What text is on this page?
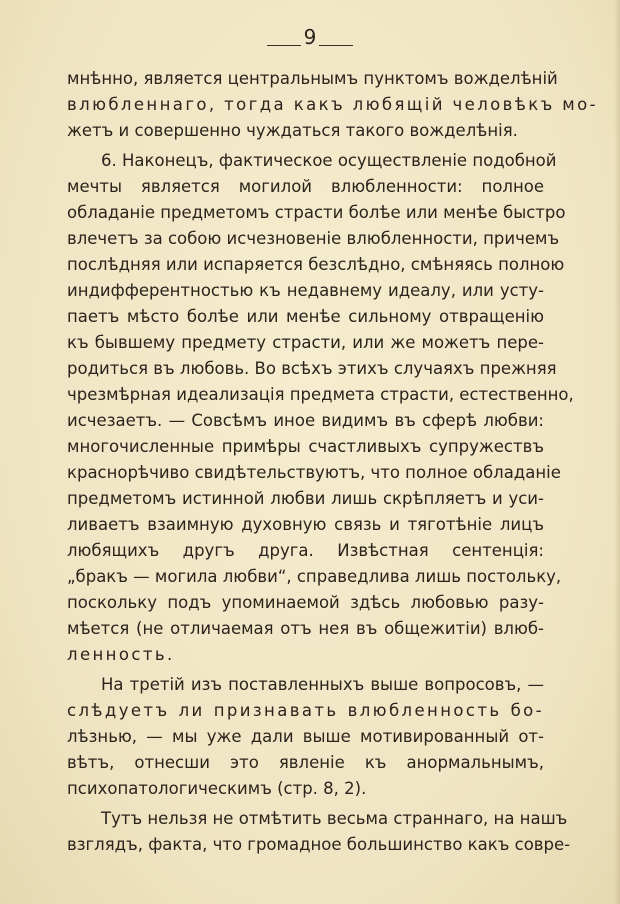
9
мнѣнно, является центральнымъ пунктомъ вожделѣній
влюбленнаго, тогда какъ любящій человѣкъ мо-
жетъ и совершенно чуждаться такого вожделѣнія.
6. Наконецъ, фактическое осуществленіе подобной
мечты является могилой влюбленности: полное
обладаніе предметомъ страсти болѣе или менѣе быстро
влечетъ за собою исчезновеніе влюбленности, причемъ
послѣдняя или испаряется безслѣдно, смѣняясь полною
индифферентностью къ недавнему идеалу, или усту-
паетъ мѣсто болѣе или менѣе сильному отвращенію
къ бывшему предмету страсти, или же можетъ пере-
родиться въ любовь. Во всѣхъ этихъ случаяхъ прежняя
чрезмѣрная идеализація предмета страсти, естественно,
исчезаетъ. — Совсѣмъ иное видимъ въ сферѣ любви:
многочисленные примѣры счастливыхъ супружествъ
краснорѣчиво свидѣтельствуютъ, что полное обладаніе
предметомъ истинной любви лишь скрѣпляетъ и уси-
ливаетъ взаимную духовную связь и тяготѣніе лицъ
любящихъ другъ друга. Извѣстная сентенція:
„бракъ — могила любви“, справедлива лишь постольку,
поскольку подъ упоминаемой здѣсь любовью разу-
мѣется (не отличаемая отъ нея въ общежитіи) влюб-
ленность.
На третій изъ поставленныхъ выше вопросовъ, —
слѣдуетъ ли признавать влюбленность бо-
лѣзнью, — мы уже дали выше мотивированный от-
вѣтъ, отнесши это явленіе къ анормальнымъ,
психопатологическимъ (стр. 8, 2).
Тутъ нельзя не отмѣтить весьма страннаго, на нашъ
взглядъ, факта, что громадное большинство какъ совре-
